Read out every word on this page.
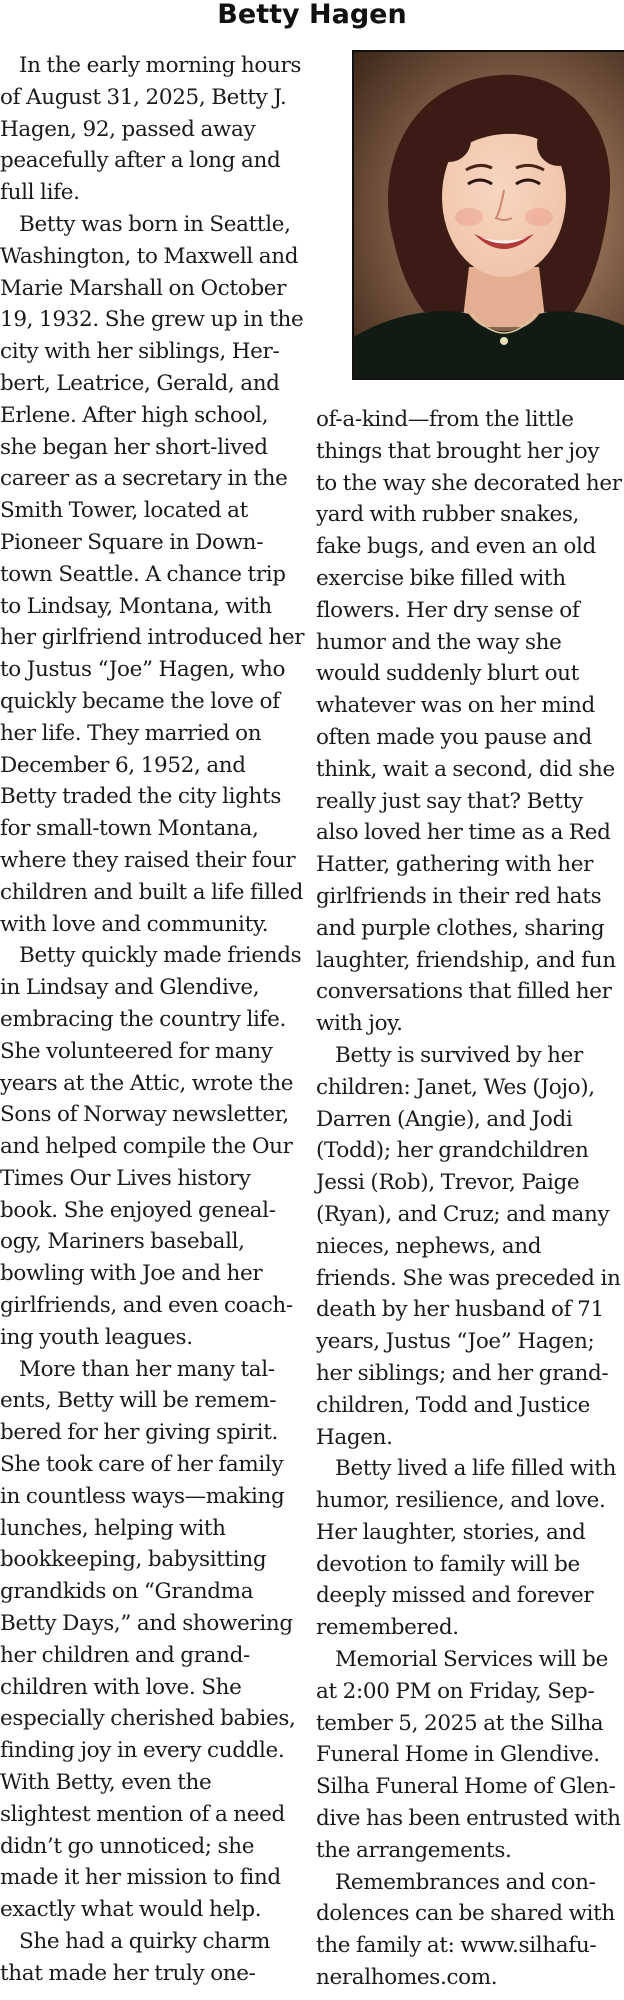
Betty Hagen

In the early morning hours of August 31, 2025, Betty J. Hagen, 92, passed away peacefully after a long and full life.

Betty was born in Seattle, Washington, to Maxwell and Marie Marshall on October 19, 1932. She grew up in the city with her siblings, Herbert, Leatrice, Gerald, and Erlene. After high school, she began her short-lived career as a secretary in the Smith Tower, located at Pioneer Square in Downtown Seattle. A chance trip to Lindsay, Montana, with her girlfriend introduced her to Justus “Joe” Hagen, who quickly became the love of her life. They married on December 6, 1952, and Betty traded the city lights for small-town Montana, where they raised their four children and built a life filled with love and community.

Betty quickly made friends in Lindsay and Glendive, embracing the country life. She volunteered for many years at the Attic, wrote the Sons of Norway newsletter, and helped compile the Our Times Our Lives history book. She enjoyed genealogy, Mariners baseball, bowling with Joe and her girlfriends, and even coaching youth leagues.

More than her many talents, Betty will be remembered for her giving spirit. She took care of her family in countless ways—making lunches, helping with bookkeeping, babysitting grandkids on “Grandma Betty Days,” and showering her children and grandchildren with love. She especially cherished babies, finding joy in every cuddle. With Betty, even the slightest mention of a need didn’t go unnoticed; she made it her mission to find exactly what would help.

She had a quirky charm that made her truly one-

of-a-kind—from the little things that brought her joy to the way she decorated her yard with rubber snakes, fake bugs, and even an old exercise bike filled with flowers. Her dry sense of humor and the way she would suddenly blurt out whatever was on her mind often made you pause and think, wait a second, did she really just say that? Betty also loved her time as a Red Hatter, gathering with her girlfriends in their red hats and purple clothes, sharing laughter, friendship, and fun conversations that filled her with joy.

Betty is survived by her children: Janet, Wes (Jojo), Darren (Angie), and Jodi (Todd); her grandchildren Jessi (Rob), Trevor, Paige (Ryan), and Cruz; and many nieces, nephews, and friends. She was preceded in death by her husband of 71 years, Justus “Joe” Hagen; her siblings; and her grandchildren, Todd and Justice Hagen.

Betty lived a life filled with humor, resilience, and love. Her laughter, stories, and devotion to family will be deeply missed and forever remembered.

Memorial Services will be at 2:00 PM on Friday, September 5, 2025 at the Silha Funeral Home in Glendive. Silha Funeral Home of Glendive has been entrusted with the arrangements.

Remembrances and condolences can be shared with the family at: www.silhafuneralhomes.com.
